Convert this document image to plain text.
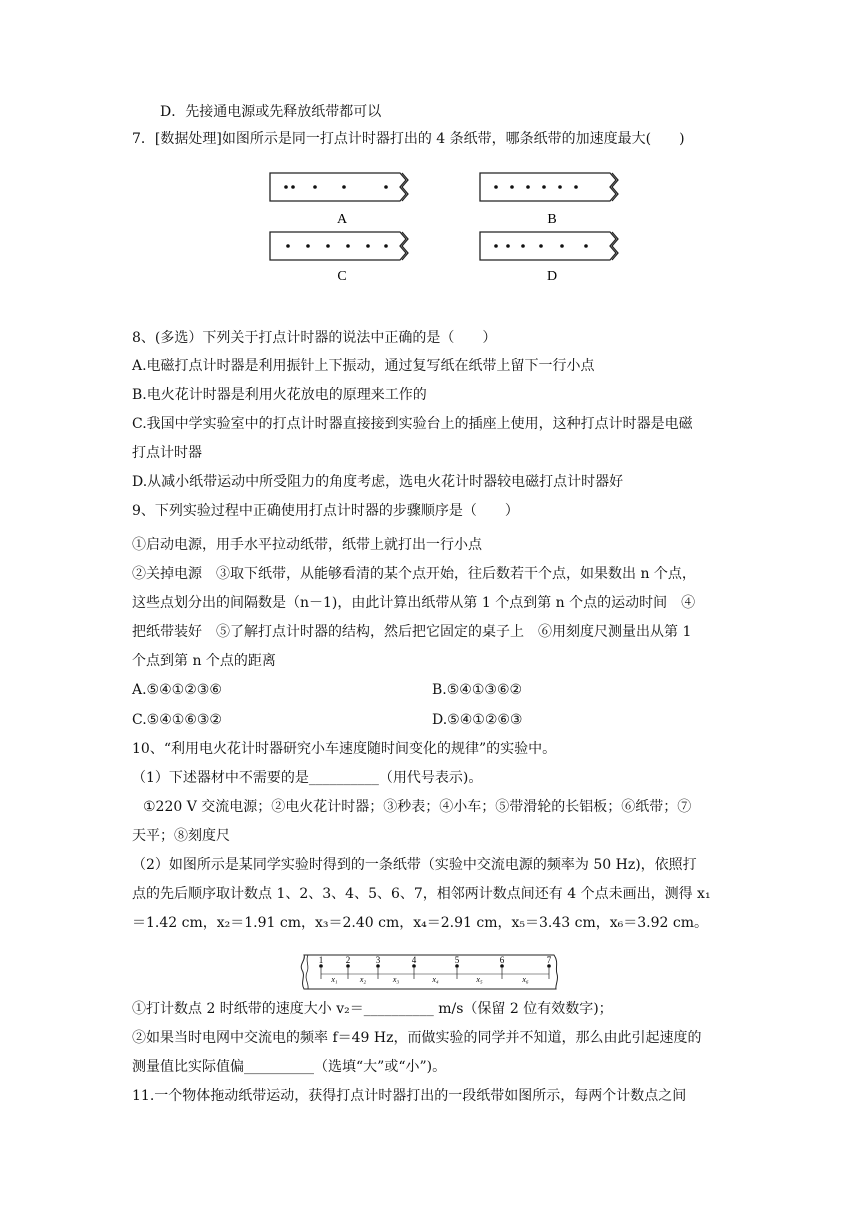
D．先接通电源或先释放纸带都可以
7．[数据处理]如图所示是同一打点计时器打出的 4 条纸带，哪条纸带的加速度最大(　　)
A	B
C	D
8、(多选）下列关于打点计时器的说法中正确的是（　　）
A.电磁打点计时器是利用振针上下振动，通过复写纸在纸带上留下一行小点
B.电火花计时器是利用火花放电的原理来工作的
C.我国中学实验室中的打点计时器直接接到实验台上的插座上使用，这种打点计时器是电磁
打点计时器
D.从减小纸带运动中所受阻力的角度考虑，选电火花计时器较电磁打点计时器好
9、下列实验过程中正确使用打点计时器的步骤顺序是（　　）
①启动电源，用手水平拉动纸带，纸带上就打出一行小点
②关掉电源　③取下纸带，从能够看清的某个点开始，往后数若干个点，如果数出 n 个点，
这些点划分出的间隔数是（n－1)，由此计算出纸带从第 1 个点到第 n 个点的运动时间　④
把纸带装好　⑤了解打点计时器的结构，然后把它固定的桌子上　⑥用刻度尺测量出从第 1
个点到第 n 个点的距离
A.⑤④①②③⑥	B.⑤④①③⑥②
C.⑤④①⑥③②	D.⑤④①②⑥③
10、“利用电火花计时器研究小车速度随时间变化的规律”的实验中。
（1）下述器材中不需要的是__________（用代号表示)。
①220 V 交流电源；②电火花计时器；③秒表；④小车；⑤带滑轮的长铝板；⑥纸带；⑦
天平；⑧刻度尺
（2）如图所示是某同学实验时得到的一条纸带（实验中交流电源的频率为 50 Hz)，依照打
点的先后顺序取计数点 1、2、3、4、5、6、7，相邻两计数点间还有 4 个点未画出，测得 x₁
＝1.42 cm，x₂＝1.91 cm，x₃＝2.40 cm，x₄＝2.91 cm，x₅＝3.43 cm，x₆＝3.92 cm。
1	2	3	4	5	6	7
x₁	x₂	x₃	x₄	x₅	x₆
①打计数点 2 时纸带的速度大小 v₂＝__________ m/s（保留 2 位有效数字)；
②如果当时电网中交流电的频率 f＝49 Hz，而做实验的同学并不知道，那么由此引起速度的
测量值比实际值偏__________（选填“大”或“小”)。
11.一个物体拖动纸带运动，获得打点计时器打出的一段纸带如图所示，每两个计数点之间
